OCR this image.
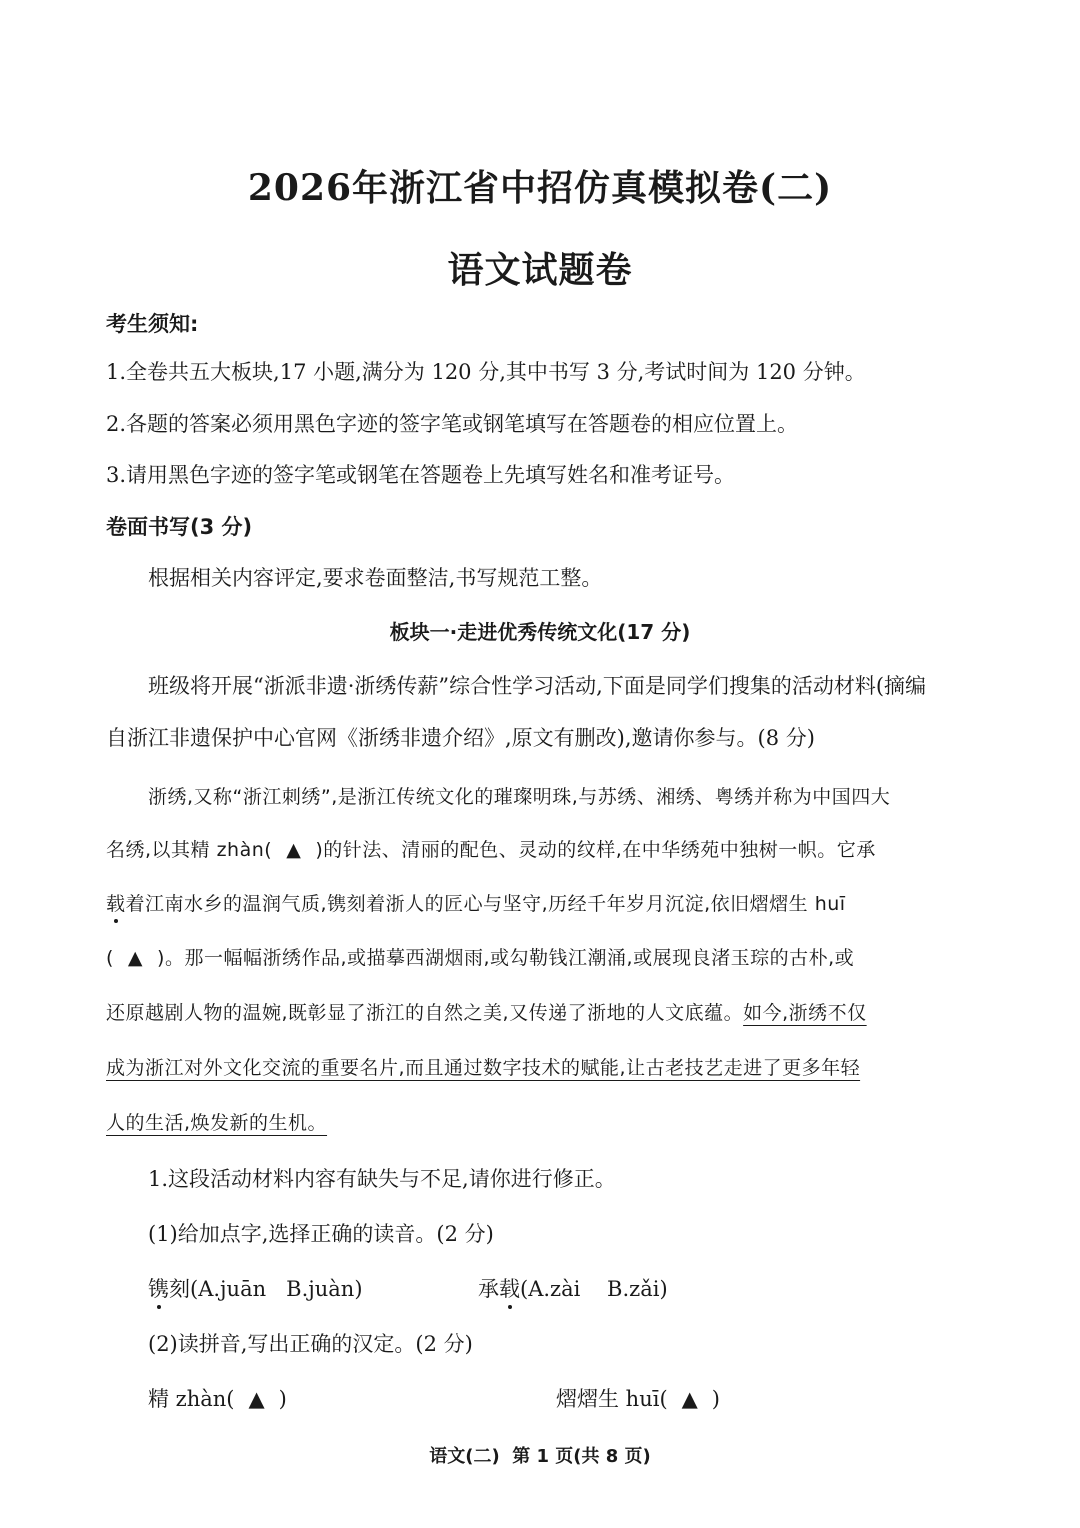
2026年浙江省中招仿真模拟卷(二)
语文试题卷
考生须知:
1.全卷共五大板块,17 小题,满分为 120 分,其中书写 3 分,考试时间为 120 分钟。
2.各题的答案必须用黑色字迹的签字笔或钢笔填写在答题卷的相应位置上。
3.请用黑色字迹的签字笔或钢笔在答题卷上先填写姓名和准考证号。
卷面书写(3 分)
根据相关内容评定,要求卷面整洁,书写规范工整。
板块一·走进优秀传统文化(17 分)
班级将开展“浙派非遗·浙绣传薪”综合性学习活动,下面是同学们搜集的活动材料(摘编
自浙江非遗保护中心官网《浙绣非遗介绍》,原文有删改),邀请你参与。(8 分)
浙绣,又称“浙江刺绣”,是浙江传统文化的璀璨明珠,与苏绣、湘绣、粤绣并称为中国四大
名绣,以其精 zhàn( ▲ )的针法、清丽的配色、灵动的纹样,在中华绣苑中独树一帜。它承
载着江南水乡的温润气质,镌刻着浙人的匠心与坚守,历经千年岁月沉淀,依旧熠熠生 huī
( ▲ )。那一幅幅浙绣作品,或描摹西湖烟雨,或勾勒钱江潮涌,或展现良渚玉琮的古朴,或
还原越剧人物的温婉,既彰显了浙江的自然之美,又传递了浙地的人文底蕴。如今,浙绣不仅
成为浙江对外文化交流的重要名片,而且通过数字技术的赋能,让古老技艺走进了更多年轻
人的生活,焕发新的生机。
1.这段活动材料内容有缺失与不足,请你进行修正。
(1)给加点字,选择正确的读音。(2 分)
镌刻(A.juān   B.juàn)	承载(A.zài    B.zǎi)
(2)读拼音,写出正确的汉定。(2 分)
精 zhàn( ▲ )	熠熠生 huī( ▲ )
语文(二)  第 1 页(共 8 页)
